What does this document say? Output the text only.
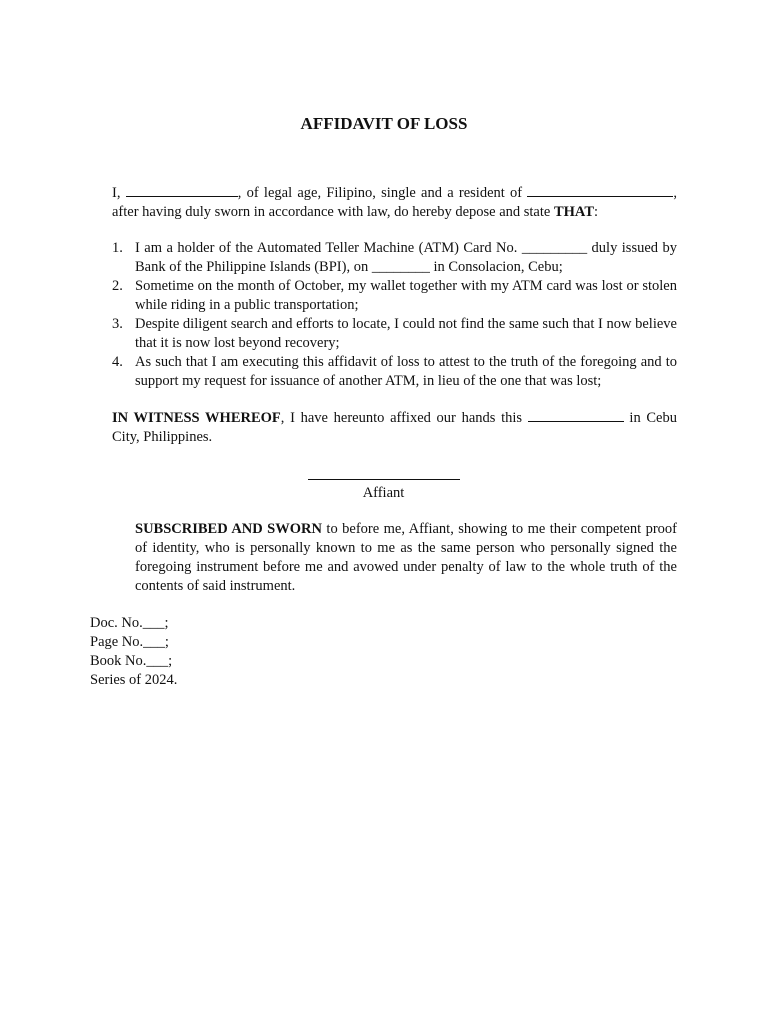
AFFIDAVIT OF LOSS

I,	, of legal age, Filipino, single and a resident of	, after having duly sworn in accordance with law, do hereby depose and state THAT:

1. I am a holder of the Automated Teller Machine (ATM) Card No. _________ duly issued by Bank of the Philippine Islands (BPI), on ________ in Consolacion, Cebu;
2. Sometime on the month of October, my wallet together with my ATM card was lost or stolen while riding in a public transportation;
3. Despite diligent search and efforts to locate, I could not find the same such that I now believe that it is now lost beyond recovery;
4. As such that I am executing this affidavit of loss to attest to the truth of the foregoing and to support my request for issuance of another ATM, in lieu of the one that was lost;

IN WITNESS WHEREOF, I have hereunto affixed our hands this	in Cebu City, Philippines.

Affiant

SUBSCRIBED AND SWORN to before me, Affiant, showing to me their competent proof of identity, who is personally known to me as the same person who personally signed the foregoing instrument before me and avowed under penalty of law to the whole truth of the contents of said instrument.

Doc. No.___;

Page No.___;

Book No.___;

Series of 2024.
